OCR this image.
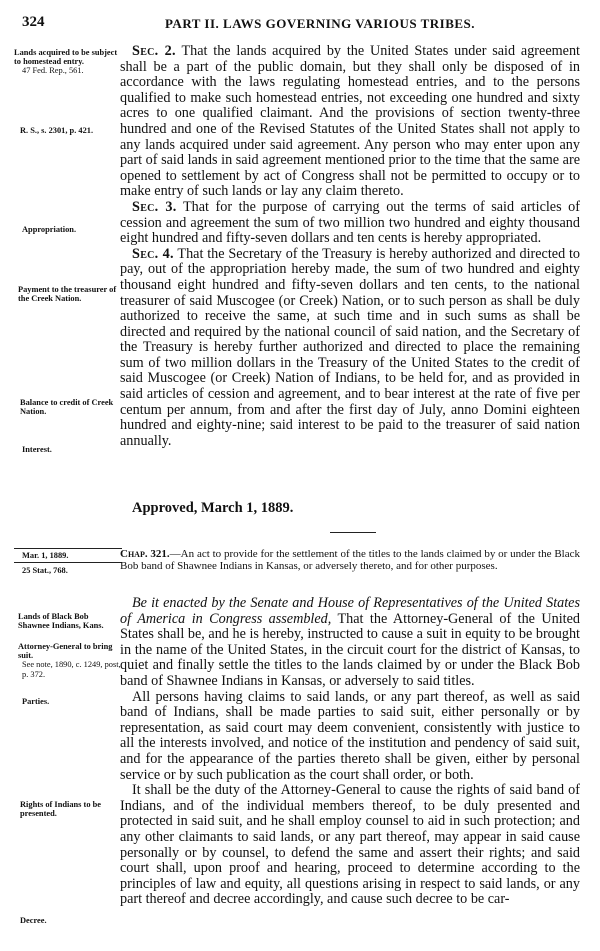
324	PART II. LAWS GOVERNING VARIOUS TRIBES.
Lands acquired to be subject to homestead entry.
47 Fed. Rep., 561.
R. S., s. 2301, p. 421.
Appropriation.
Payment to the treasurer of the Creek Nation.
Balance to credit of Creek Nation.
Interest.
Lands of Black Bob Shawnee Indians, Kans.
Attorney-General to bring suit.
See note, 1890, c. 1249, post, p. 372.
Parties.
Rights of Indians to be presented.
Decree.

Sec. 2. That the lands acquired by the United States under said agreement shall be a part of the public domain, but they shall only be disposed of in accordance with the laws regulating homestead entries, and to the persons qualified to make such homestead entries, not exceeding one hundred and sixty acres to one qualified claimant. And the provisions of section twenty-three hundred and one of the Revised Statutes of the United States shall not apply to any lands acquired under said agreement. Any person who may enter upon any part of said lands in said agreement mentioned prior to the time that the same are opened to settlement by act of Congress shall not be permitted to occupy or to make entry of such lands or lay any claim thereto.

Sec. 3. That for the purpose of carrying out the terms of said articles of cession and agreement the sum of two million two hundred and eighty thousand eight hundred and fifty-seven dollars and ten cents is hereby appropriated.

Sec. 4. That the Secretary of the Treasury is hereby authorized and directed to pay, out of the appropriation hereby made, the sum of two hundred and eighty thousand eight hundred and fifty-seven dollars and ten cents, to the national treasurer of said Muscogee (or Creek) Nation, or to such person as shall be duly authorized to receive the same, at such time and in such sums as shall be directed and required by the national council of said nation, and the Secretary of the Treasury is hereby further authorized and directed to place the remaining sum of two million dollars in the Treasury of the United States to the credit of said Muscogee (or Creek) Nation of Indians, to be held for, and as provided in said articles of cession and agreement, and to bear interest at the rate of five per centum per annum, from and after the first day of July, anno Domini eighteen hundred and eighty-nine; said interest to be paid to the treasurer of said nation annually.

Approved, March 1, 1889.
Mar. 1, 1889.
25 Stat., 768.
Chap. 321.—An act to provide for the settlement of the titles to the lands claimed by or under the Black Bob band of Shawnee Indians in Kansas, or adversely thereto, and for other purposes.

Be it enacted by the Senate and House of Representatives of the United States of America in Congress assembled, That the Attorney-General of the United States shall be, and he is hereby, instructed to cause a suit in equity to be brought in the name of the United States, in the circuit court for the district of Kansas, to quiet and finally settle the titles to the lands claimed by or under the Black Bob band of Shawnee Indians in Kansas, or adversely to said titles.

All persons having claims to said lands, or any part thereof, as well as said band of Indians, shall be made parties to said suit, either personally or by representation, as said court may deem convenient, consistently with justice to all the interests involved, and notice of the institution and pendency of said suit, and for the appearance of the parties thereto shall be given, either by personal service or by such publication as the court shall order, or both.

It shall be the duty of the Attorney-General to cause the rights of said band of Indians, and of the individual members thereof, to be duly presented and protected in said suit, and he shall employ counsel to aid in such protection; and any other claimants to said lands, or any part thereof, may appear in said cause personally or by counsel, to defend the same and assert their rights; and said court shall, upon proof and hearing, proceed to determine according to the principles of law and equity, all questions arising in respect to said lands, or any part thereof and decree accordingly, and cause such decree to be car-
